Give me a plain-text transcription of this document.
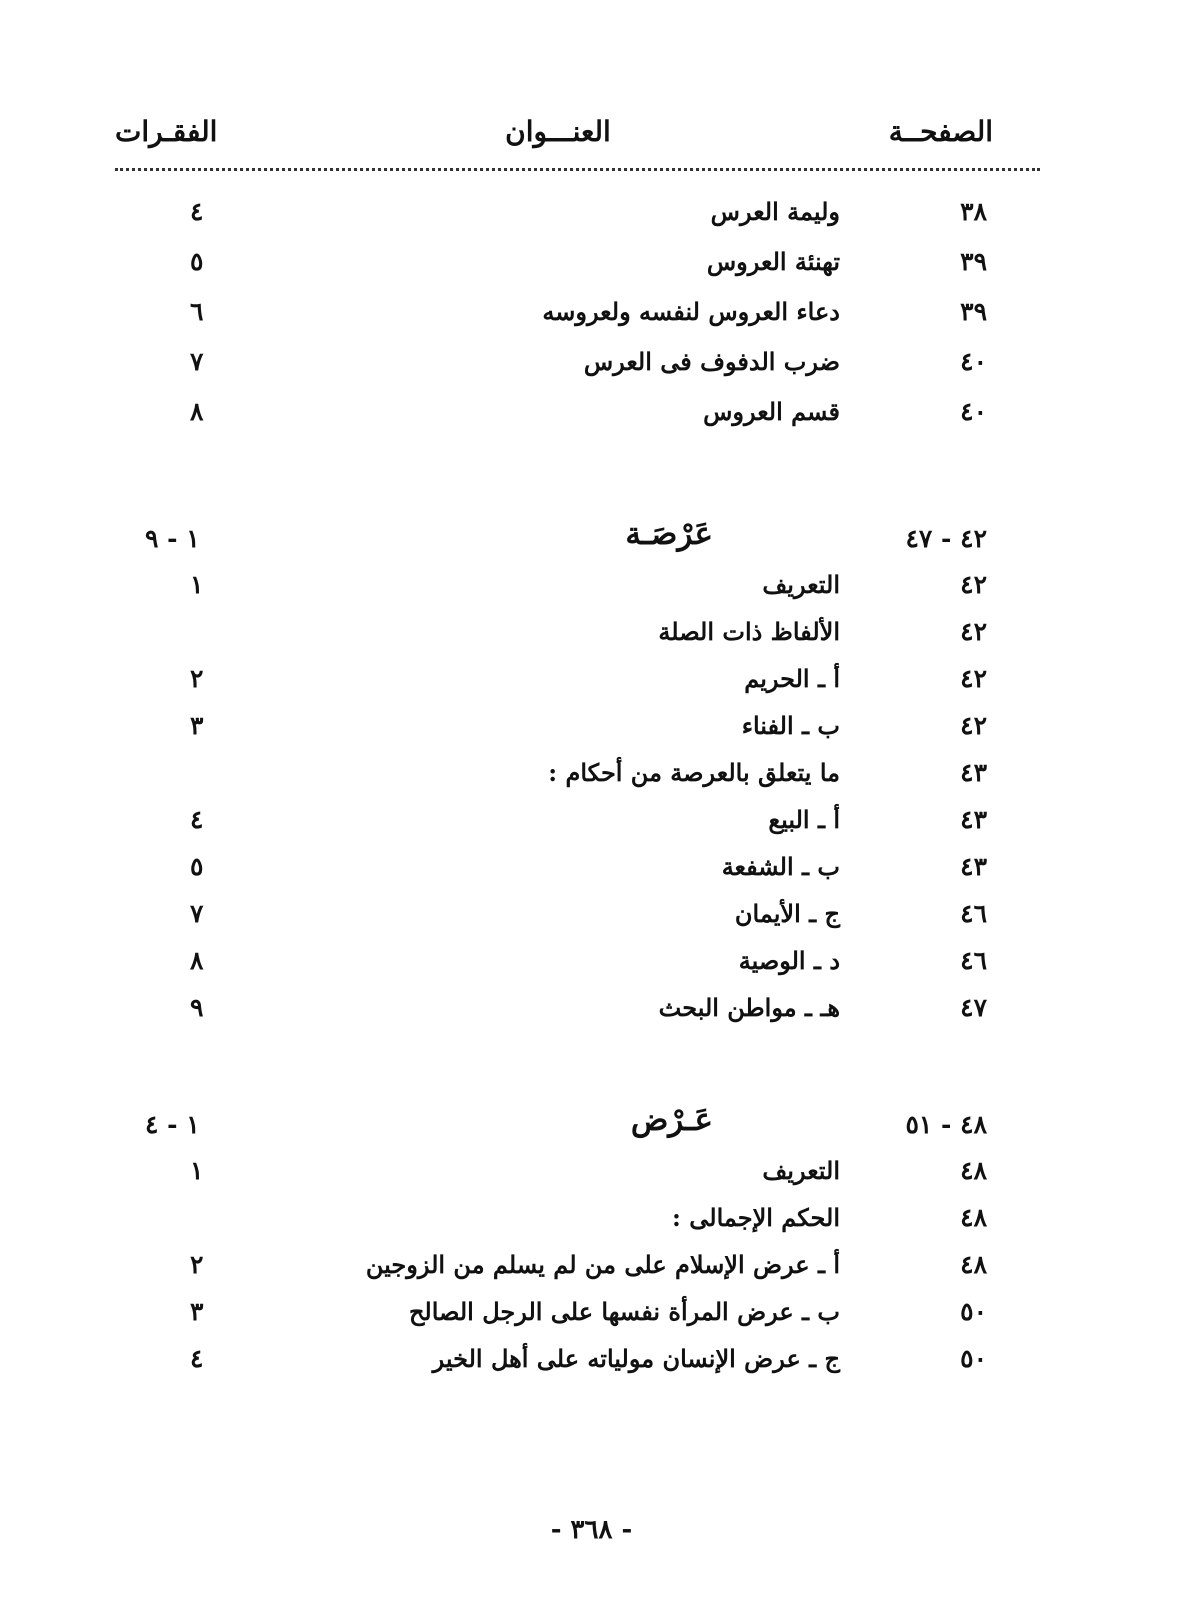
الصفحــة
العنـــوان
الفقـرات
٣٨
وليمة العرس
٤
٣٩
تهنئة العروس
٥
٣٩
دعاء العروس لنفسه ولعروسه
٦
٤٠
ضرب الدفوف فى العرس
٧
٤٠
قسم العروس
٨
٤٢ - ٤٧
عَرْصَـة
١ - ٩
٤٢
التعريف
١
٤٢
الألفاظ ذات الصلة
٤٢
أ ـ الحريم
٢
٤٢
ب ـ الفناء
٣
٤٣
ما يتعلق بالعرصة من أحكام :
٤٣
أ ـ البيع
٤
٤٣
ب ـ الشفعة
٥
٤٦
ج ـ الأيمان
٧
٤٦
د ـ الوصية
٨
٤٧
هـ ـ مواطن البحث
٩
٤٨ - ٥١
عَـرْض
١ - ٤
٤٨
التعريف
١
٤٨
الحكم الإجمالى :
٤٨
أ ـ عرض الإسلام على من لم يسلم من الزوجين
٢
٥٠
ب ـ عرض المرأة نفسها على الرجل الصالح
٣
٥٠
ج ـ عرض الإنسان مولياته على أهل الخير
٤
- ٣٦٨ -
